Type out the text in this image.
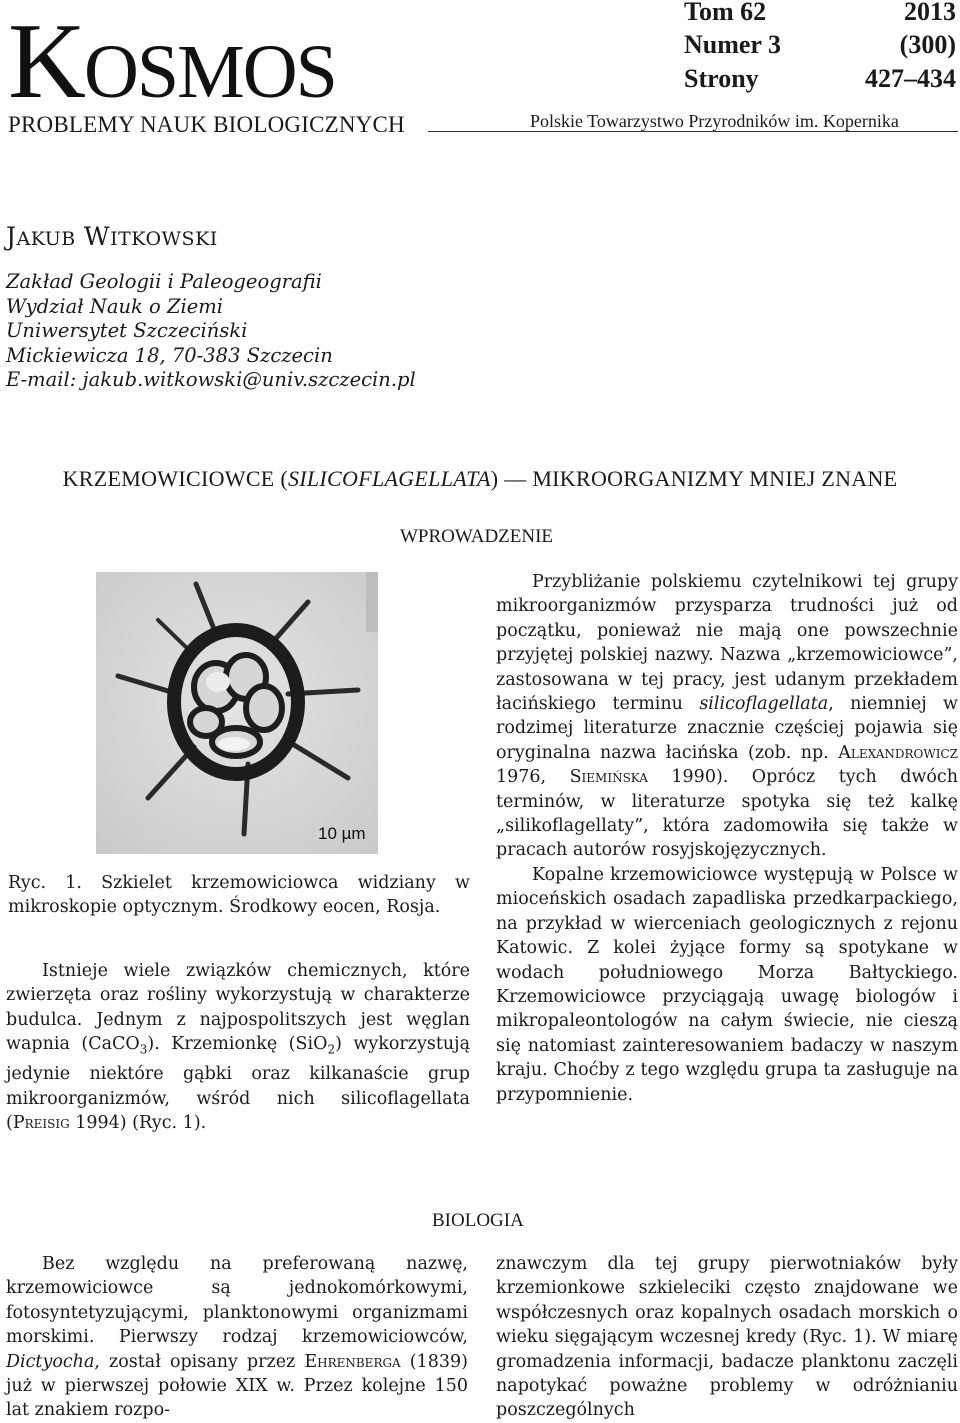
KOSMOS
PROBLEMY NAUK BIOLOGICZNYCH	Polskie Towarzystwo Przyrodników im. Kopernika
Tom 62	2013
Numer 3	(300)
Strony	427–434
JAKUB WITKOWSKI
Zakład Geologii i Paleogeografii
Wydział Nauk o Ziemi
Uniwersytet Szczeciński
Mickiewicza 18, 70-383 Szczecin
E-mail: jakub.witkowski@univ.szczecin.pl
KRZEMOWICIOWCE (SILICOFLAGELLATA) — MIKROORGANIZMY MNIEJ ZNANE
WPROWADZENIE
10 µm
Ryc. 1. Szkielet krzemowiciowca widziany w mikroskopie optycznym. Środkowy eocen, Rosja.

Istnieje wiele związków chemicznych, które zwierzęta oraz rośliny wykorzystują w charakterze budulca. Jednym z najpospolitszych jest węglan wapnia (CaCO$_3$). Krzemionkę (SiO$_2$) wykorzystują jedynie niektóre gąbki oraz kilkanaście grup mikroorganizmów, wśród nich silicoflagellata (Preisig 1994) (Ryc. 1).

Przybliżanie polskiemu czytelnikowi tej grupy mikroorganizmów przysparza trudności już od początku, ponieważ nie mają one powszechnie przyjętej polskiej nazwy. Nazwa „krzemowiciowce”, zastosowana w tej pracy, jest udanym przekładem łacińskiego terminu silicoflagellata, niemniej w rodzimej literaturze znacznie częściej pojawia się oryginalna nazwa łacińska (zob. np. Alexandrowicz 1976, Siemińska 1990). Oprócz tych dwóch terminów, w literaturze spotyka się też kalkę „silikoflagellaty”, która zadomowiła się także w pracach autorów rosyjskojęzycznych.

Kopalne krzemowiciowce występują w Polsce w mioceńskich osadach zapadliska przedkarpackiego, na przykład w wierceniach geologicznych z rejonu Katowic. Z kolei żyjące formy są spotykane w wodach południowego Morza Bałtyckiego. Krzemowiciowce przyciągają uwagę biologów i mikropaleontologów na całym świecie, nie cieszą się natomiast zainteresowaniem badaczy w naszym kraju. Choćby z tego względu grupa ta zasługuje na przypomnienie.

BIOLOGIA

Bez względu na preferowaną nazwę, krzemowiciowce są jednokomórkowymi, fotosyntetyzującymi, planktonowymi organizmami morskimi. Pierwszy rodzaj krzemowiciowców, Dictyocha, został opisany przez Ehrenberga (1839) już w pierwszej połowie XIX w. Przez kolejne 150 lat znakiem rozpo-

znawczym dla tej grupy pierwotniaków były krzemionkowe szkieleciki często znajdowane we współczesnych oraz kopalnych osadach morskich o wieku sięgającym wczesnej kredy (Ryc. 1). W miarę gromadzenia informacji, badacze planktonu zaczęli napotykać poważne problemy w odróżnianiu poszczególnych
